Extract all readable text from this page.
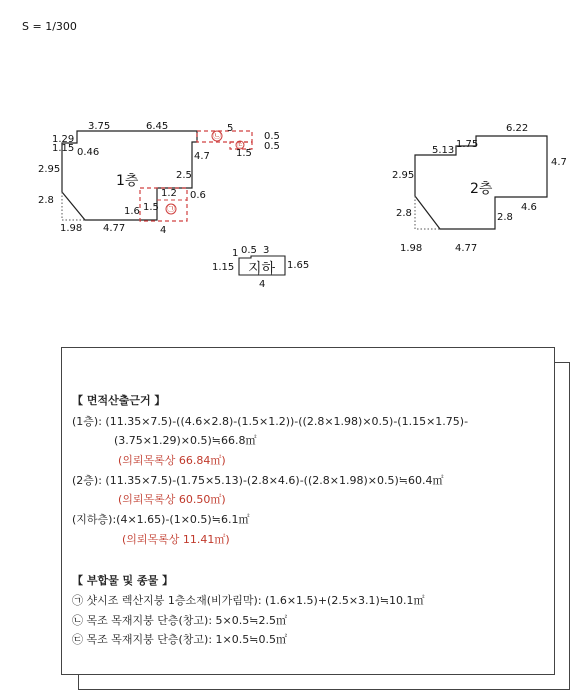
S = 1/300
1층
3.75	6.45	5
0.5
0.5
1.29
1.15 0.46	4.7	1.5
2.95
2.5
1.2 0.6
2.8
1.6 1.5
1.98 4.77	4
㉡
㉢
㉠
2층
6.22
5.13
1.75
4.7
2.95
4.6
2.8
2.8
1.98	4.77
지하
1 0.5 3
1.15	1.65
4
【 면적산출근거 】
(1층): (11.35×7.5)-((4.6×2.8)-(1.5×1.2))-((2.8×1.98)×0.5)-(1.15×1.75)-
(3.75×1.29)×0.5)≒66.8㎡
(의뢰목록상 66.84㎡)
(2층): (11.35×7.5)-(1.75×5.13)-(2.8×4.6)-((2.8×1.98)×0.5)≒60.4㎡
(의뢰목록상 60.50㎡)
(지하층):(4×1.65)-(1×0.5)≒6.1㎡
(의뢰목록상 11.41㎡)
【 부합물 및 종물 】
㉠ 샷시조 렉산지붕 1층소재(비가림막): (1.6×1.5)+(2.5×3.1)≒10.1㎡
㉡ 목조 목재지붕 단층(창고): 5×0.5≒2.5㎡
㉢ 목조 목재지붕 단층(창고): 1×0.5≒0.5㎡
